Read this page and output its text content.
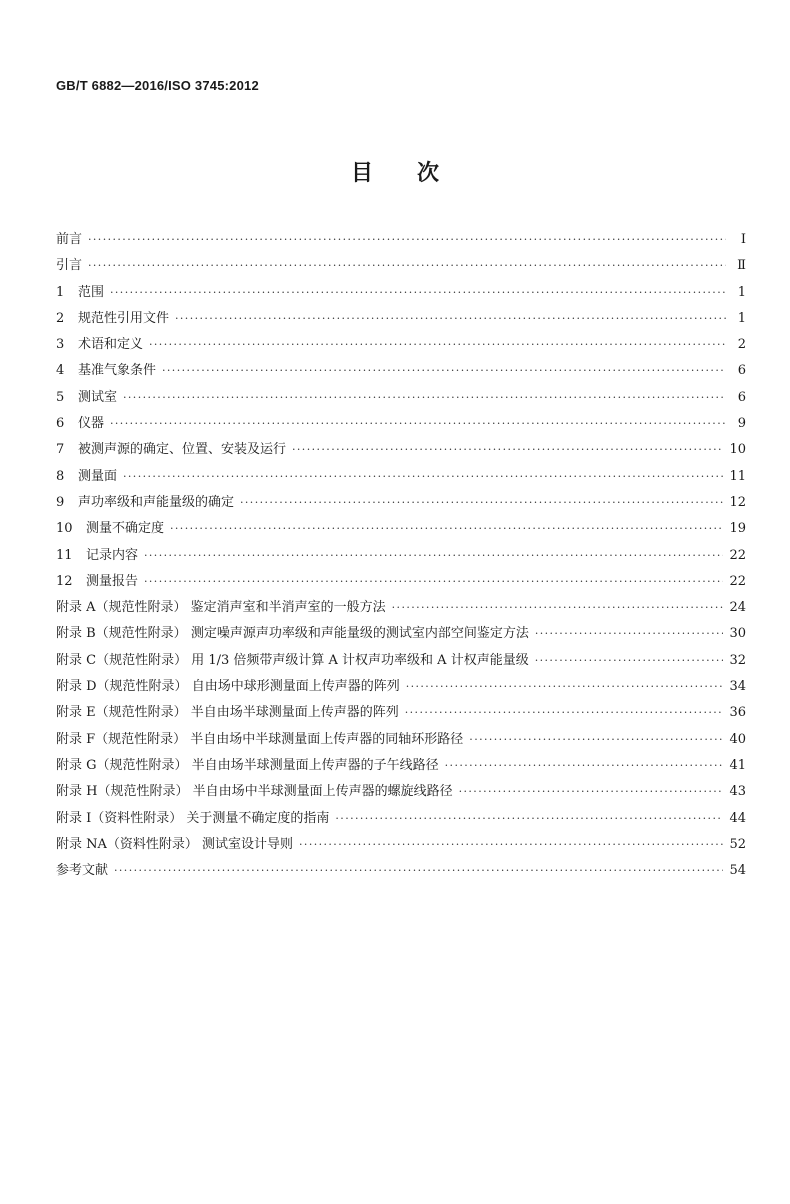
GB/T 6882—2016/ISO 3745:2012
目 次
前言 ·····	Ⅰ
引言 ·····	Ⅱ
1	范围 ·····	1
2	规范性引用文件 ·····	1
3	术语和定义 ·····	2
4	基准气象条件 ·····	6
5	测试室 ·····	6
6	仪器 ·····	9
7	被测声源的确定、位置、安装及运行 ·····	10
8	测量面 ·····	11
9	声功率级和声能量级的确定 ·····	12
10	测量不确定度 ·····	19
11	记录内容 ·····	22
12	测量报告 ·····	22
附录 A（规范性附录） 鉴定消声室和半消声室的一般方法 ·····	24
附录 B（规范性附录） 测定噪声源声功率级和声能量级的测试室内部空间鉴定方法 ·····	30
附录 C（规范性附录） 用 1/3 倍频带声级计算 A 计权声功率级和 A 计权声能量级 ·····	32
附录 D（规范性附录） 自由场中球形测量面上传声器的阵列 ·····	34
附录 E（规范性附录） 半自由场半球测量面上传声器的阵列 ·····	36
附录 F（规范性附录） 半自由场中半球测量面上传声器的同轴环形路径 ·····	40
附录 G（规范性附录） 半自由场半球测量面上传声器的子午线路径 ·····	41
附录 H（规范性附录） 半自由场中半球测量面上传声器的螺旋线路径 ·····	43
附录 I（资料性附录） 关于测量不确定度的指南 ·····	44
附录 NA（资料性附录） 测试室设计导则 ·····	52
参考文献 ·····	54
